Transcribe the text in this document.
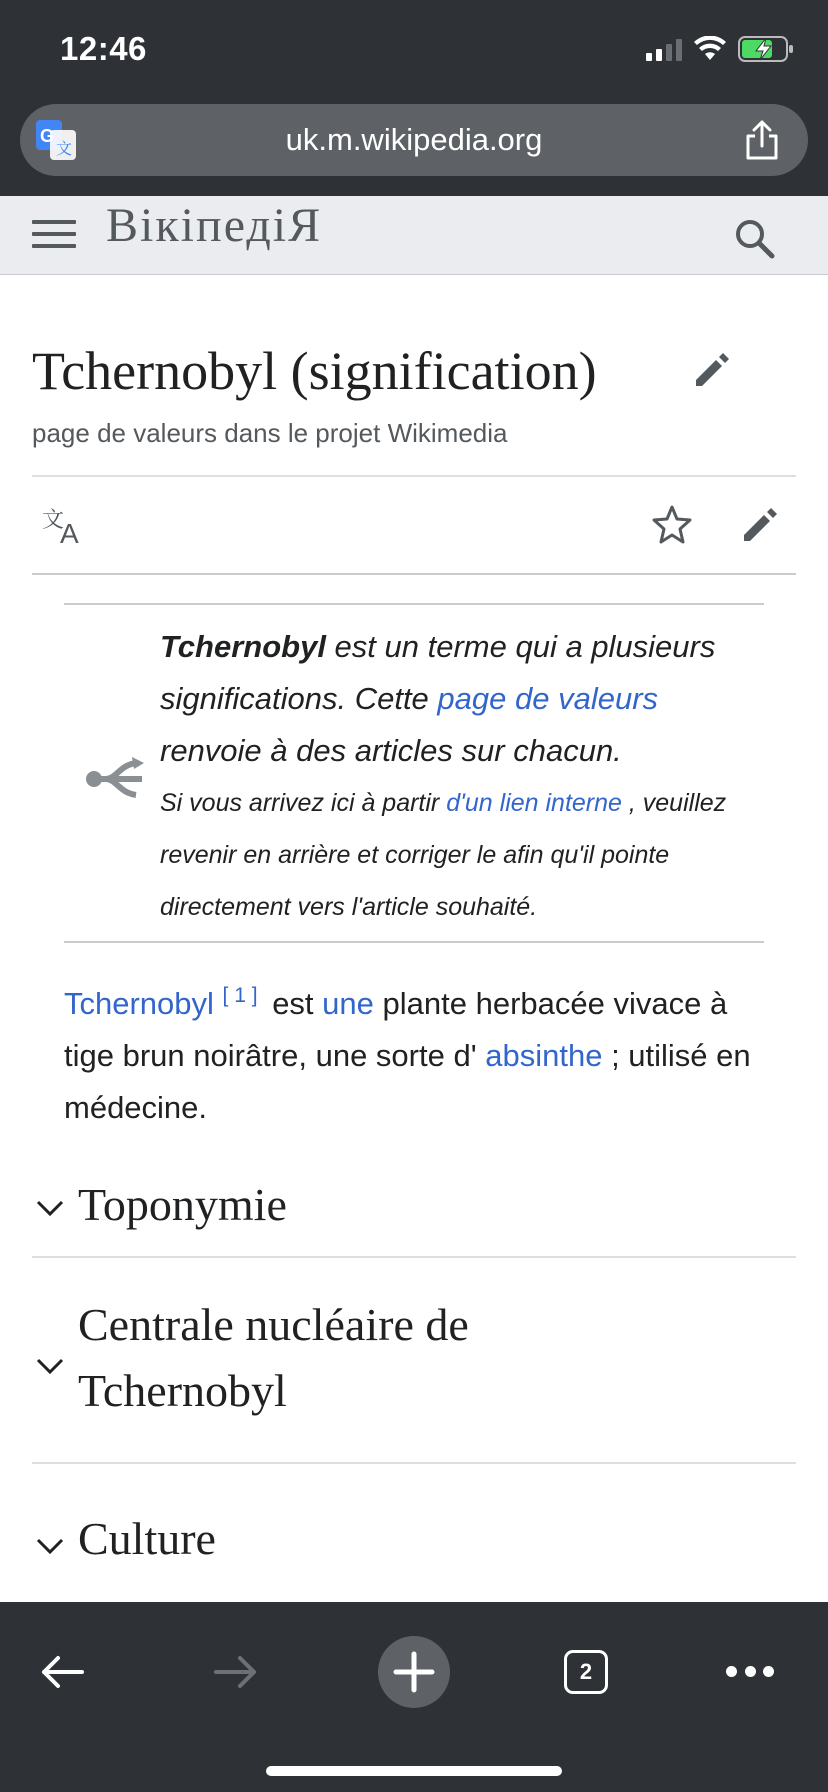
12:46
G
文	uk.m.wikipedia.org
ВікіпедіЯ
Tchernobyl (signification)
page de valeurs dans le projet Wikimedia
文
A
Tchernobyl est un terme qui a plusieurs significations. Cette page de valeurs renvoie à des articles sur chacun.
Si vous arrivez ici à partir d'un lien interne , veuillez revenir en arrière et corriger le afin qu'il pointe directement vers l'article souhaité.
Tchernobyl [ 1 ] est une plante herbacée vivace à tige brun noirâtre, une sorte d' absinthe ; utilisé en médecine.
Toponymie
Centrale nucléaire de Tchernobyl
Culture
2
